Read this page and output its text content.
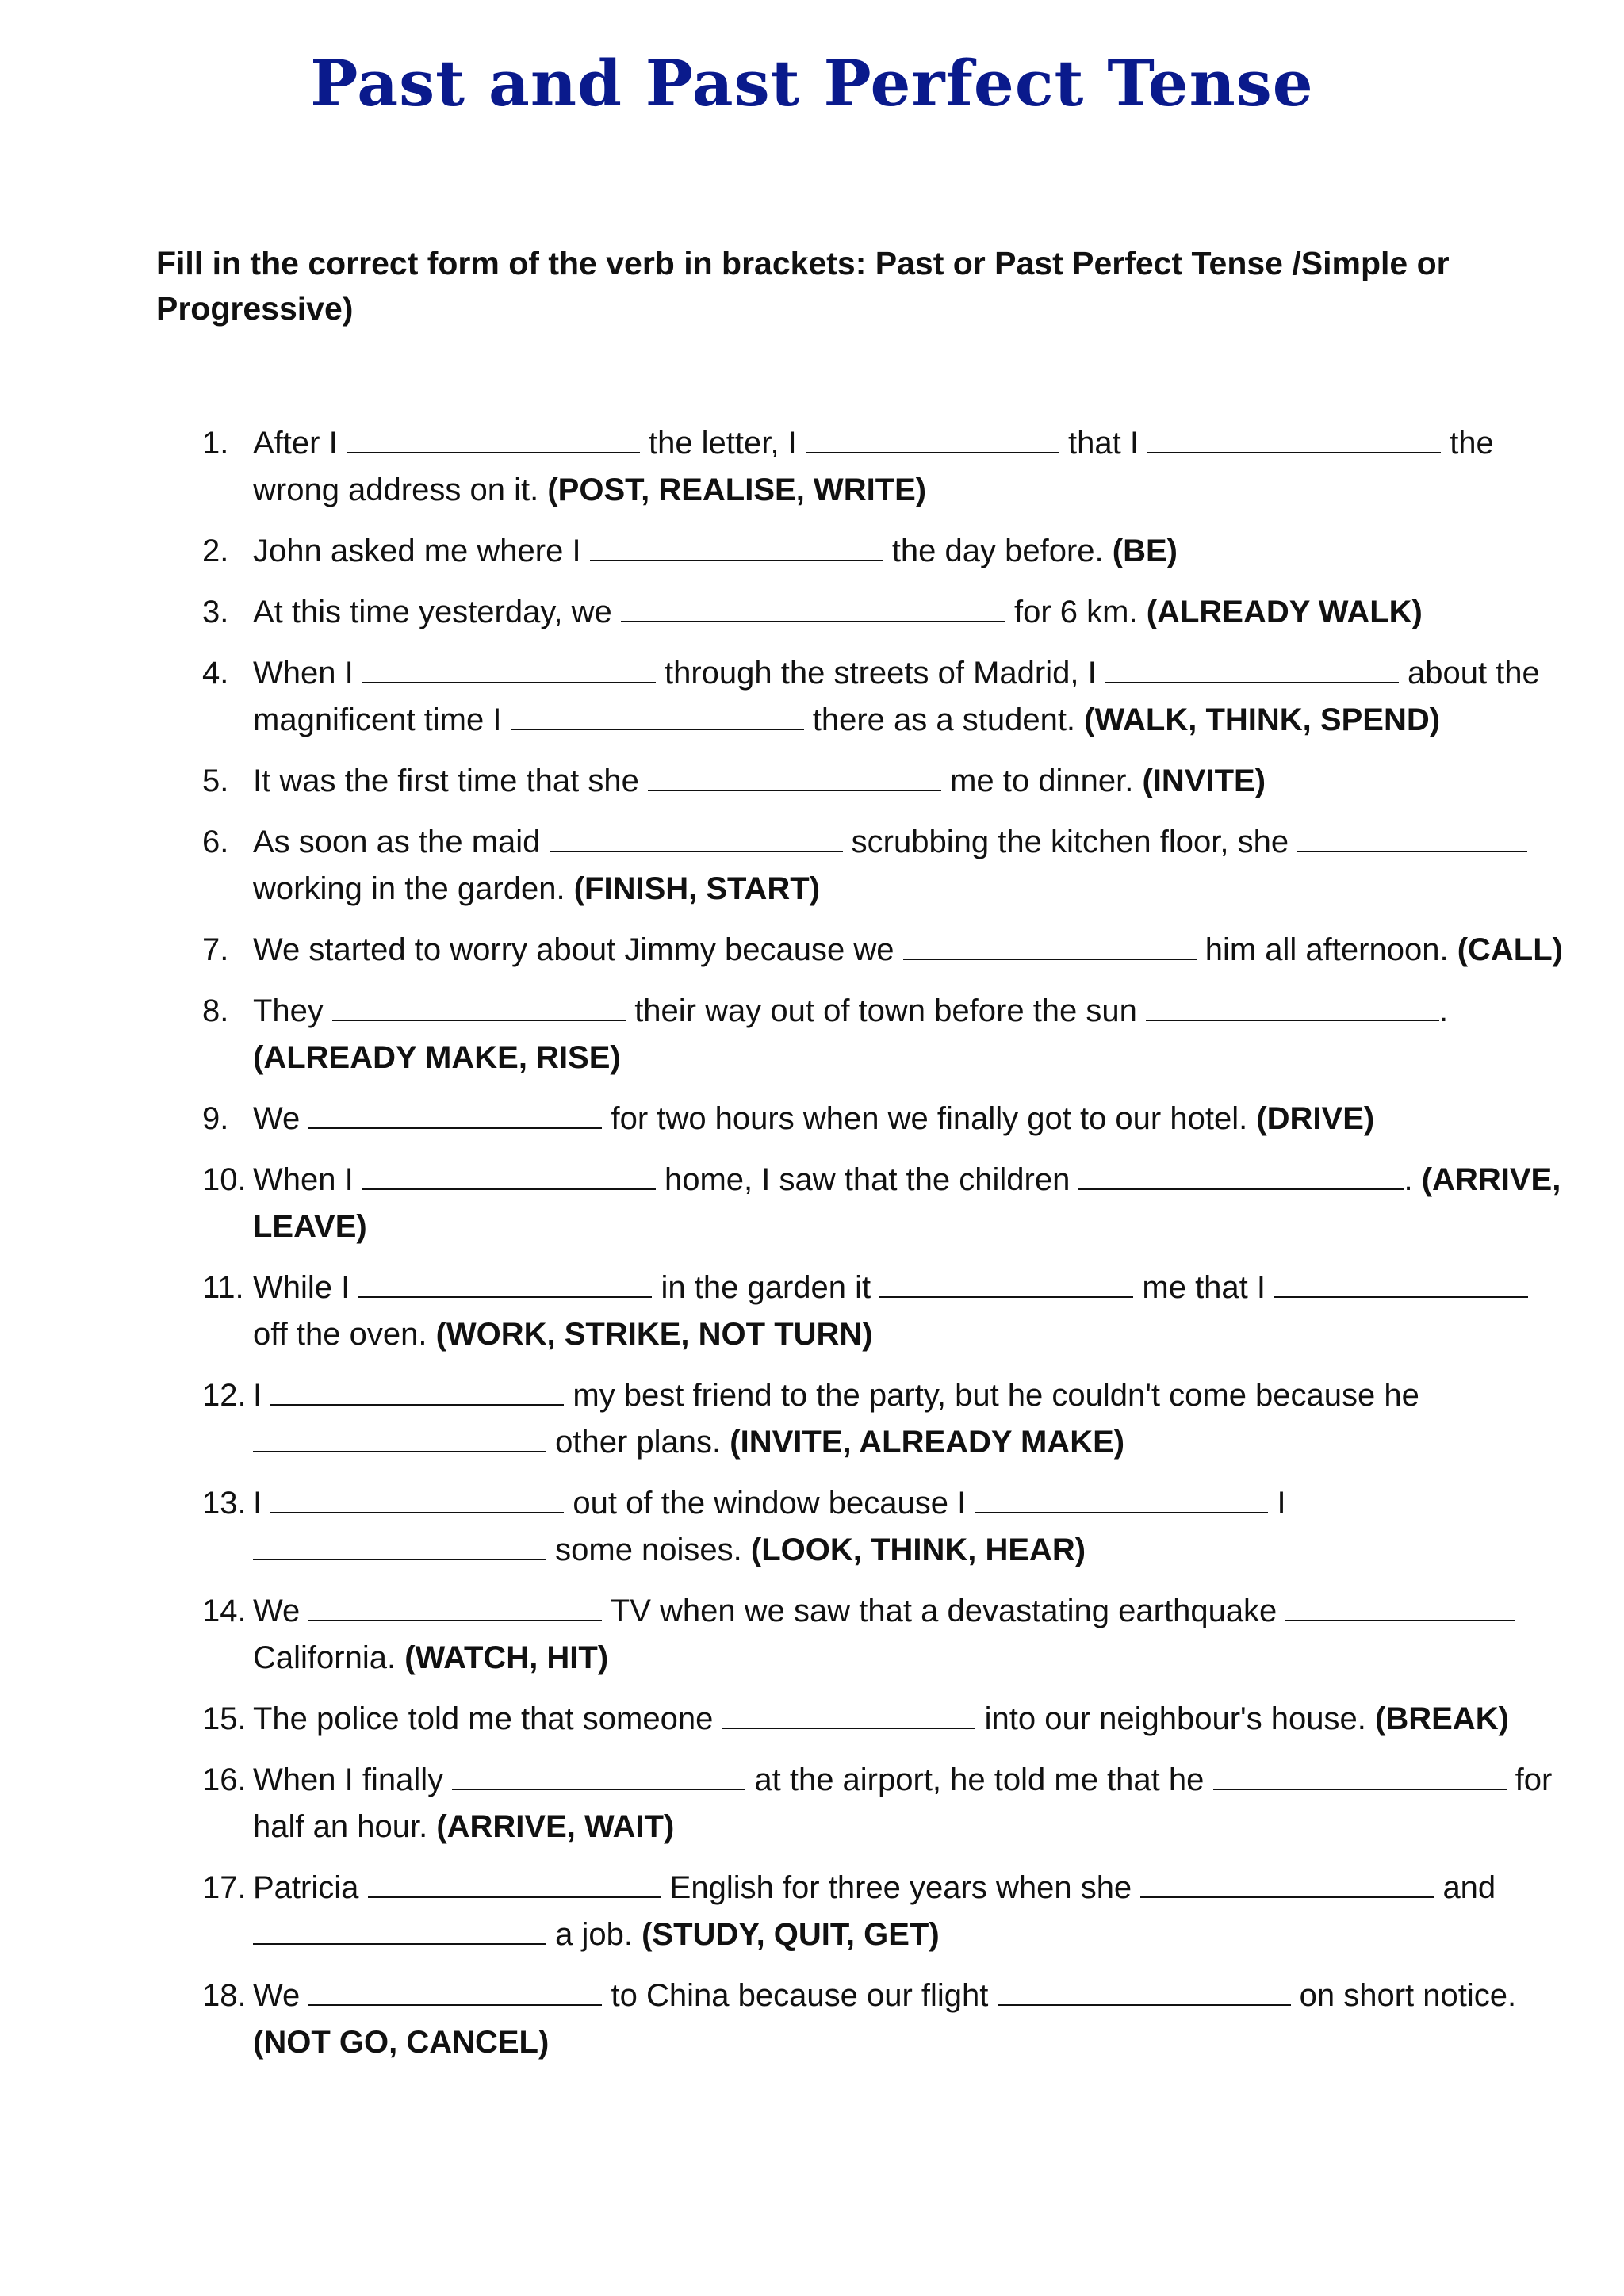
Past and Past Perfect Tense

Fill in the correct form of the verb in brackets: Past or Past Perfect Tense /Simple or Progressive)

1. After I	the letter, I	that I	the wrong address on it. (POST, REALISE, WRITE)
2. John asked me where I	the day before. (BE)
3. At this time yesterday, we	for 6 km. (ALREADY WALK)
4. When I	through the streets of Madrid, I	about the magnificent time I	there as a student. (WALK, THINK, SPEND)
5. It was the first time that she	me to dinner. (INVITE)
6. As soon as the maid	scrubbing the kitchen floor, she  working in the garden. (FINISH, START)
7. We started to worry about Jimmy because we	him all afternoon. (CALL)
8. They	their way out of town before the sun	. (ALREADY MAKE, RISE)
9. We	for two hours when we finally got to our hotel. (DRIVE)
10. When I	home, I saw that the children	. (ARRIVE, LEAVE)
11. While I	in the garden it	me that I  off the oven. (WORK, STRIKE, NOT TURN)
12. I	my best friend to the party, but he couldn't come because he  other plans. (INVITE, ALREADY MAKE)
13. I	out of the window because I	I  some noises. (LOOK, THINK, HEAR)
14. We	TV when we saw that a devastating earthquake  California. (WATCH, HIT)
15. The police told me that someone	into our neighbour's house. (BREAK)
16. When I finally	at the airport, he told me that he	for half an hour. (ARRIVE, WAIT)
17. Patricia	English for three years when she	and  a job. (STUDY, QUIT, GET)
18. We	to China because our flight	on short notice. (NOT GO, CANCEL)
